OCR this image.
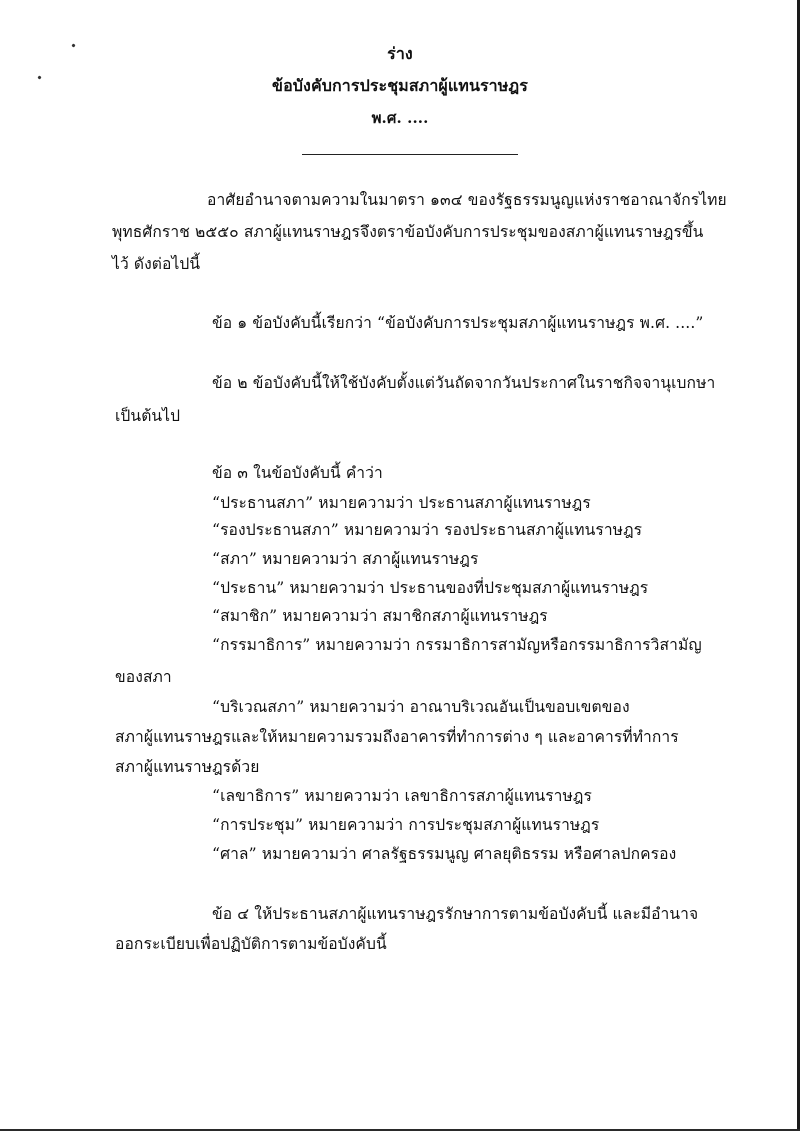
ร่าง
ข้อบังคับการประชุมสภาผู้แทนราษฎร
พ.ศ. ....
อาศัยอำนาจตามความในมาตรา ๑๓๔ ของรัฐธรรมนูญแห่งราชอาณาจักรไทย
พุทธศักราช ๒๕๕๐ สภาผู้แทนราษฎรจึงตราข้อบังคับการประชุมของสภาผู้แทนราษฎรขึ้น
ไว้ ดังต่อไปนี้
ข้อ ๑ ข้อบังคับนี้เรียกว่า “ข้อบังคับการประชุมสภาผู้แทนราษฎร พ.ศ. ....”
ข้อ ๒ ข้อบังคับนี้ให้ใช้บังคับตั้งแต่วันถัดจากวันประกาศในราชกิจจานุเบกษา
เป็นต้นไป
ข้อ ๓ ในข้อบังคับนี้ คำว่า
“ประธานสภา” หมายความว่า ประธานสภาผู้แทนราษฎร
“รองประธานสภา” หมายความว่า รองประธานสภาผู้แทนราษฎร
“สภา” หมายความว่า สภาผู้แทนราษฎร
“ประธาน” หมายความว่า ประธานของที่ประชุมสภาผู้แทนราษฎร
“สมาชิก” หมายความว่า สมาชิกสภาผู้แทนราษฎร
“กรรมาธิการ” หมายความว่า กรรมาธิการสามัญหรือกรรมาธิการวิสามัญ
ของสภา
“บริเวณสภา” หมายความว่า อาณาบริเวณอันเป็นขอบเขตของ
สภาผู้แทนราษฎรและให้หมายความรวมถึงอาคารที่ทำการต่าง ๆ และอาคารที่ทำการ
สภาผู้แทนราษฎรด้วย
“เลขาธิการ” หมายความว่า เลขาธิการสภาผู้แทนราษฎร
“การประชุม” หมายความว่า การประชุมสภาผู้แทนราษฎร
“ศาล” หมายความว่า ศาลรัฐธรรมนูญ ศาลยุติธรรม หรือศาลปกครอง
ข้อ ๔ ให้ประธานสภาผู้แทนราษฎรรักษาการตามข้อบังคับนี้ และมีอำนาจ
ออกระเบียบเพื่อปฏิบัติการตามข้อบังคับนี้
